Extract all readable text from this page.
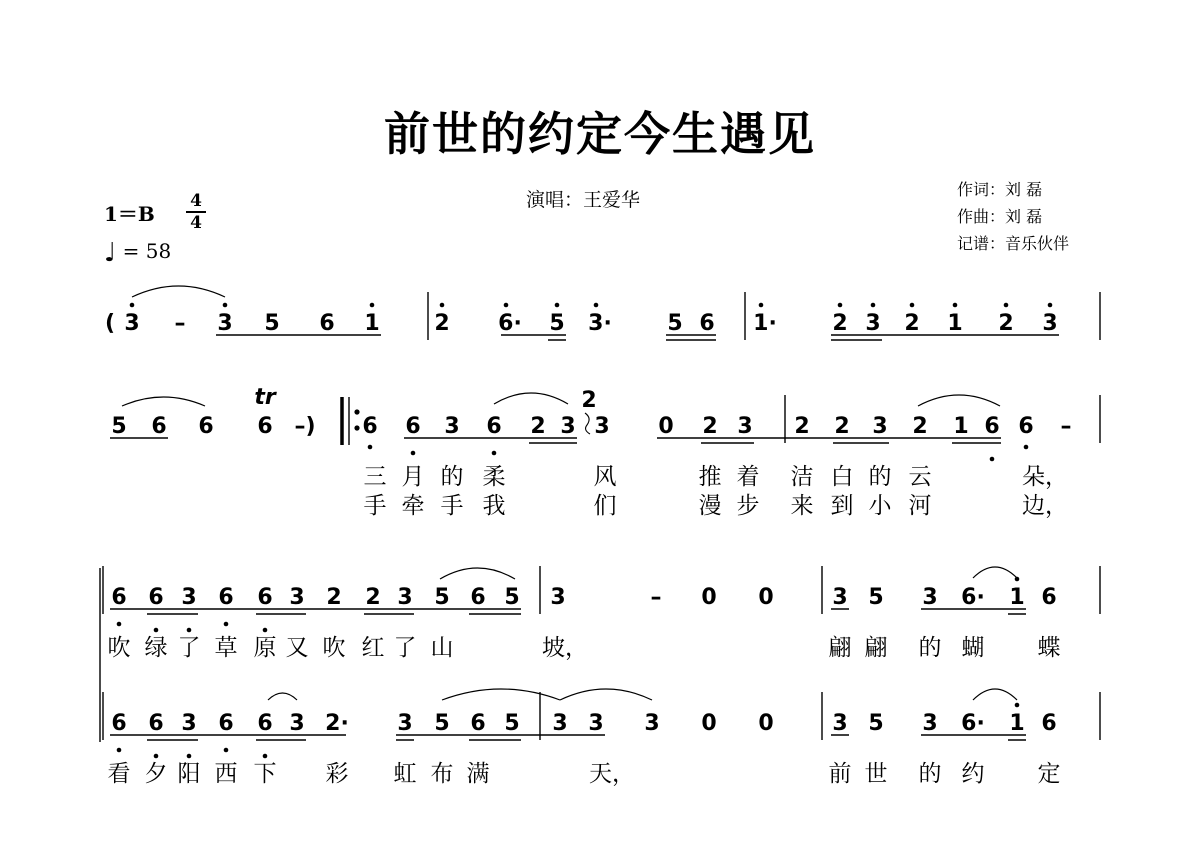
前世的约定今生遇见
演唱：王爱华	作词：刘 磊
作曲：刘 磊
记谱：音乐伙伴
1＝B
4
4
♩ = 58
( 3 – 3 5 6 1 2 6· 5 3·	5 6 1·	2 3 2 1 2 3
5 6 6 6 –) 6 6 3 6 2 3 3 0 2 3 2 2 3 2 1 6 6 –
6 6 3 6 6 3 2 2 3 5 6 5 3	– 0 0	3 5 3 6· 1 6
6 6 3 6 6 3 2· 3 5 6 5 3 3 3 0 0	3 5 3 6· 1 6
tr	2
三 月 的 柔	风	推 着 洁 白 的 云	朵，
手 牵 手 我	们	漫 步 来 到 小 河	边，
吹 绿 了 草 原 又 吹 红 了 山	坡，	翩 翩 的 蝴 蝶
看 夕 阳 西 下 彩 虹 布 满	天，	前 世 的 约 定
